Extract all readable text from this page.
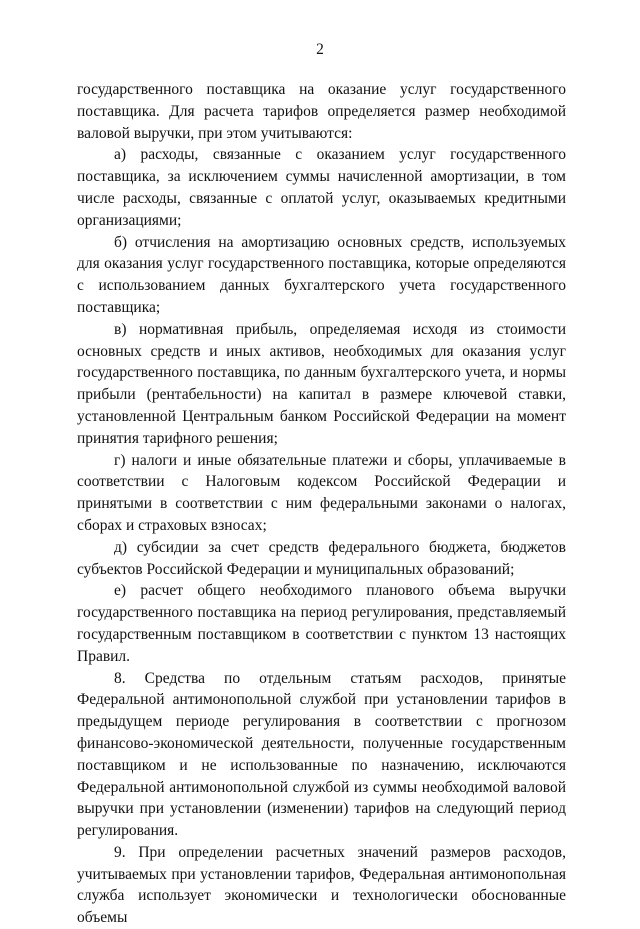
2

государственного поставщика на оказание услуг государственного поставщика. Для расчета тарифов определяется размер необходимой валовой выручки, при этом учитываются:

а) расходы, связанные с оказанием услуг государственного поставщика, за исключением суммы начисленной амортизации, в том числе расходы, связанные с оплатой услуг, оказываемых кредитными организациями;

б) отчисления на амортизацию основных средств, используемых для оказания услуг государственного поставщика, которые определяются с использованием данных бухгалтерского учета государственного поставщика;

в) нормативная прибыль, определяемая исходя из стоимости основных средств и иных активов, необходимых для оказания услуг государственного поставщика, по данным бухгалтерского учета, и нормы прибыли (рентабельности) на капитал в размере ключевой ставки, установленной Центральным банком Российской Федерации на момент принятия тарифного решения;

г) налоги и иные обязательные платежи и сборы, уплачиваемые в соответствии с Налоговым кодексом Российской Федерации и принятыми в соответствии с ним федеральными законами о налогах, сборах и страховых взносах;

д) субсидии за счет средств федерального бюджета, бюджетов субъектов Российской Федерации и муниципальных образований;

е) расчет общего необходимого планового объема выручки государственного поставщика на период регулирования, представляемый государственным поставщиком в соответствии с пунктом 13 настоящих Правил.

8. Средства по отдельным статьям расходов, принятые Федеральной антимонопольной службой при установлении тарифов в предыдущем периоде регулирования в соответствии с прогнозом финансово-экономической деятельности, полученные государственным поставщиком и не использованные по назначению, исключаются Федеральной антимонопольной службой из суммы необходимой валовой выручки при установлении (изменении) тарифов на следующий период регулирования.

9. При определении расчетных значений размеров расходов, учитываемых при установлении тарифов, Федеральная антимонопольная служба использует экономически и технологически обоснованные объемы
